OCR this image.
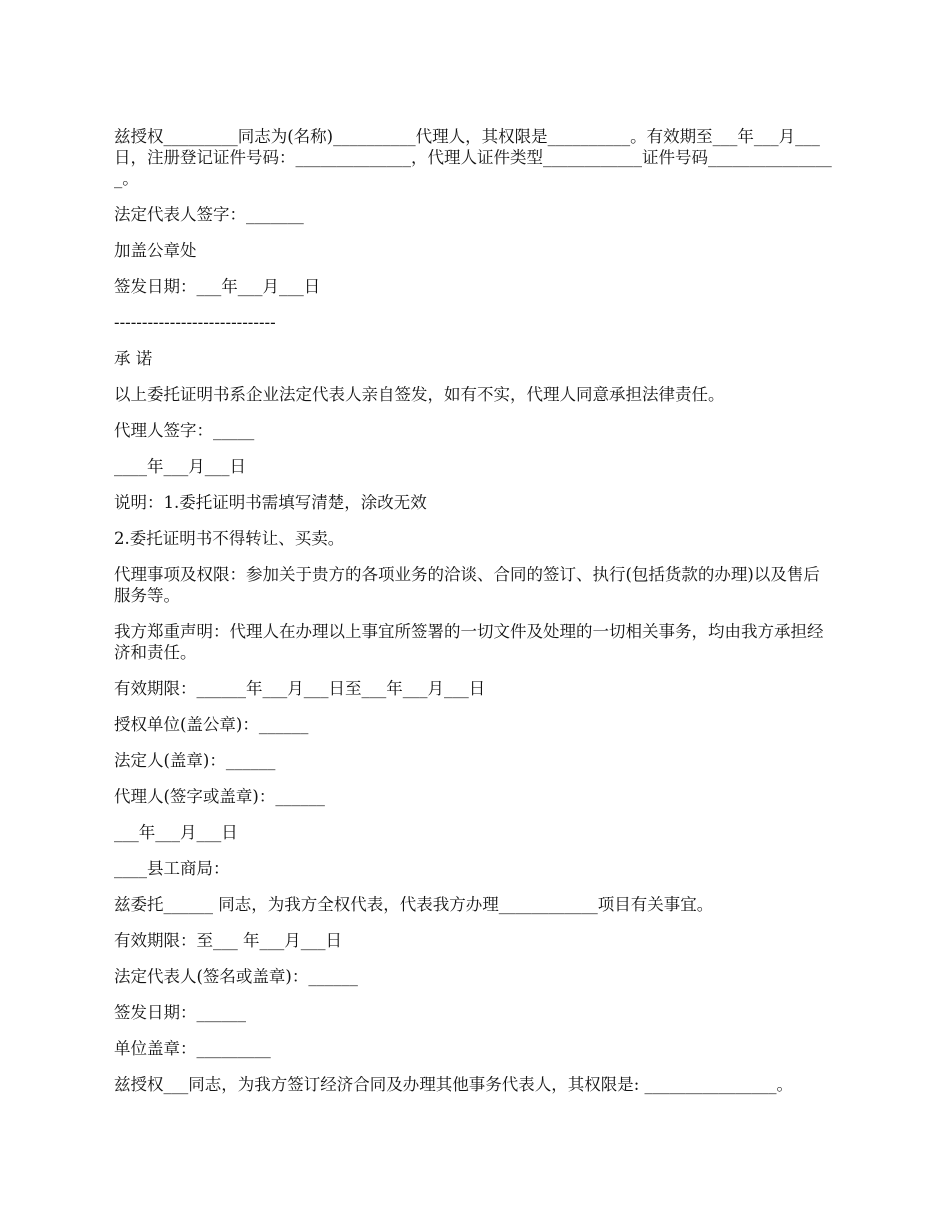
兹授权_________同志为(名称)__________代理人，其权限是__________。有效期至___年___月___日，注册登记证件号码：______________，代理人证件类型____________证件号码________________。

法定代表人签字：_______

加盖公章处

签发日期：___年___月___日

-----------------------------

承 诺

以上委托证明书系企业法定代表人亲自签发，如有不实，代理人同意承担法律责任。

代理人签字：_____

____年___月___日

说明：1.委托证明书需填写清楚，涂改无效

2.委托证明书不得转让、买卖。

代理事项及权限：参加关于贵方的各项业务的洽谈、合同的签订、执行(包括货款的办理)以及售后服务等。

我方郑重声明：代理人在办理以上事宜所签署的一切文件及处理的一切相关事务，均由我方承担经济和责任。

有效期限：______年___月___日至___年___月___日

授权单位(盖公章)：______

法定人(盖章)：______

代理人(签字或盖章)：______

___年___月___日

____县工商局：

兹委托______ 同志，为我方全权代表，代表我方办理____________项目有关事宜。

有效期限：至___ 年___月___日

法定代表人(签名或盖章)：______

签发日期：______

单位盖章：_________

兹授权___同志，为我方签订经济合同及办理其他事务代表人，其权限是: ________________。
